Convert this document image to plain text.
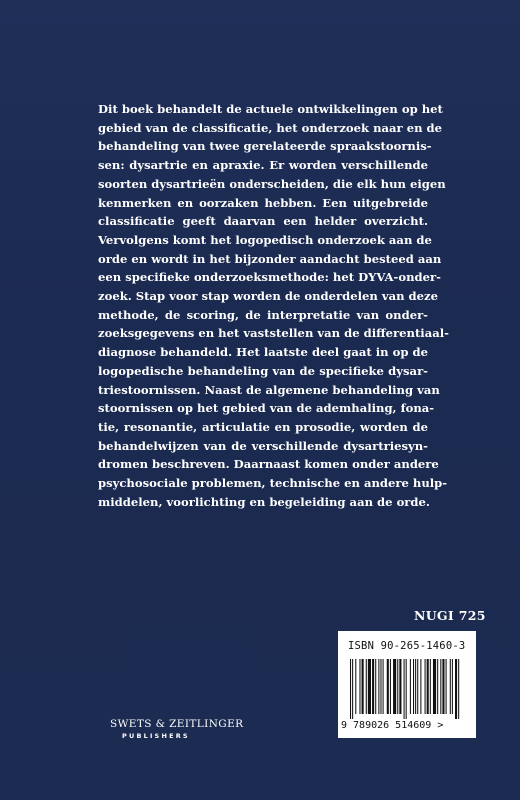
Dit boek behandelt de actuele ontwikkelingen op het
gebied van de classificatie, het onderzoek naar en de
behandeling van twee gerelateerde spraakstoornis-
sen: dysartrie en apraxie. Er worden verschillende
soorten dysartrieën onderscheiden, die elk hun eigen
kenmerken en oorzaken hebben. Een uitgebreide
classificatie geeft daarvan een helder overzicht.
Vervolgens komt het logopedisch onderzoek aan de
orde en wordt in het bijzonder aandacht besteed aan
een specifieke onderzoeksmethode: het DYVA-onder-
zoek. Stap voor stap worden de onderdelen van deze
methode, de scoring, de interpretatie van onder-
zoeksgegevens en het vaststellen van de differentiaal-
diagnose behandeld. Het laatste deel gaat in op de
logopedische behandeling van de specifieke dysar-
triestoornissen. Naast de algemene behandeling van
stoornissen op het gebied van de ademhaling, fona-
tie, resonantie, articulatie en prosodie, worden de
behandelwijzen van de verschillende dysartriesyn-
dromen beschreven. Daarnaast komen onder andere
psychosociale problemen, technische en andere hulp-
middelen, voorlichting en begeleiding aan de orde.
NUGI 725
ISBN 90-265-1460-3
9 789026 514609 >
SWETS & ZEITLINGER
PUBLISHERS
